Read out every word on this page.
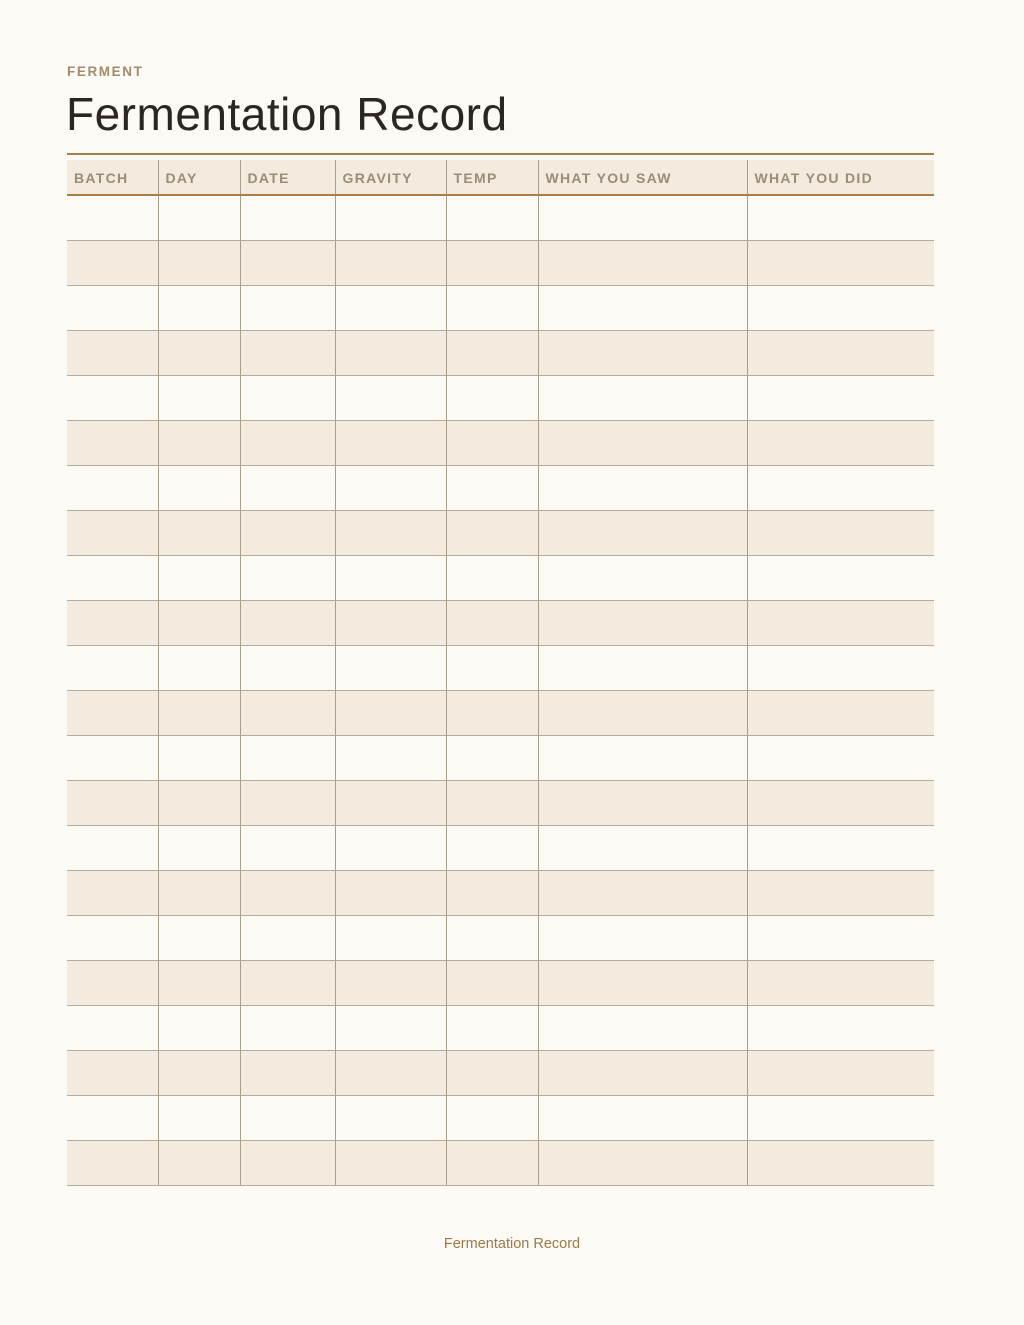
FERMENT
Fermentation Record
BATCH	DAY	DATE	GRAVITY	TEMP	WHAT YOU SAW	WHAT YOU DID

Fermentation Record
